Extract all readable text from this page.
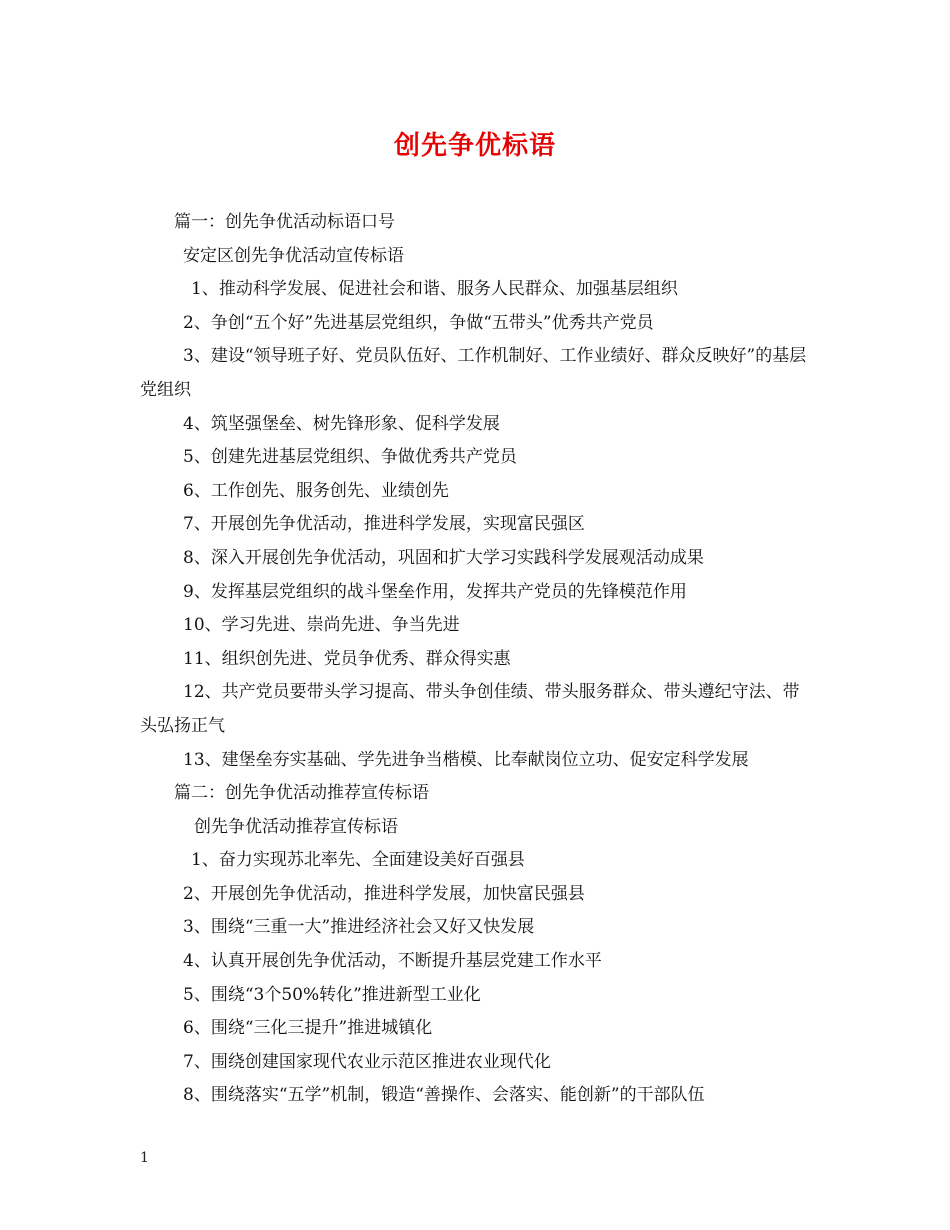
创先争优标语
篇一：创先争优活动标语口号
安定区创先争优活动宣传标语
1、推动科学发展、促进社会和谐、服务人民群众、加强基层组织
2、争创“五个好”先进基层党组织，争做“五带头”优秀共产党员
3、建设“领导班子好、党员队伍好、工作机制好、工作业绩好、群众反映好”的基层党组织
4、筑坚强堡垒、树先锋形象、促科学发展
5、创建先进基层党组织、争做优秀共产党员
6、工作创先、服务创先、业绩创先
7、开展创先争优活动，推进科学发展，实现富民强区
8、深入开展创先争优活动，巩固和扩大学习实践科学发展观活动成果
9、发挥基层党组织的战斗堡垒作用，发挥共产党员的先锋模范作用
10、学习先进、崇尚先进、争当先进
11、组织创先进、党员争优秀、群众得实惠
12、共产党员要带头学习提高、带头争创佳绩、带头服务群众、带头遵纪守法、带头弘扬正气
13、建堡垒夯实基础、学先进争当楷模、比奉献岗位立功、促安定科学发展
篇二：创先争优活动推荐宣传标语
创先争优活动推荐宣传标语
1、奋力实现苏北率先、全面建设美好百强县
2、开展创先争优活动，推进科学发展，加快富民强县
3、围绕“三重一大”推进经济社会又好又快发展
4、认真开展创先争优活动，不断提升基层党建工作水平
5、围绕“3个50%转化”推进新型工业化
6、围绕“三化三提升”推进城镇化
7、围绕创建国家现代农业示范区推进农业现代化
8、围绕落实“五学”机制，锻造“善操作、会落实、能创新”的干部队伍
1
